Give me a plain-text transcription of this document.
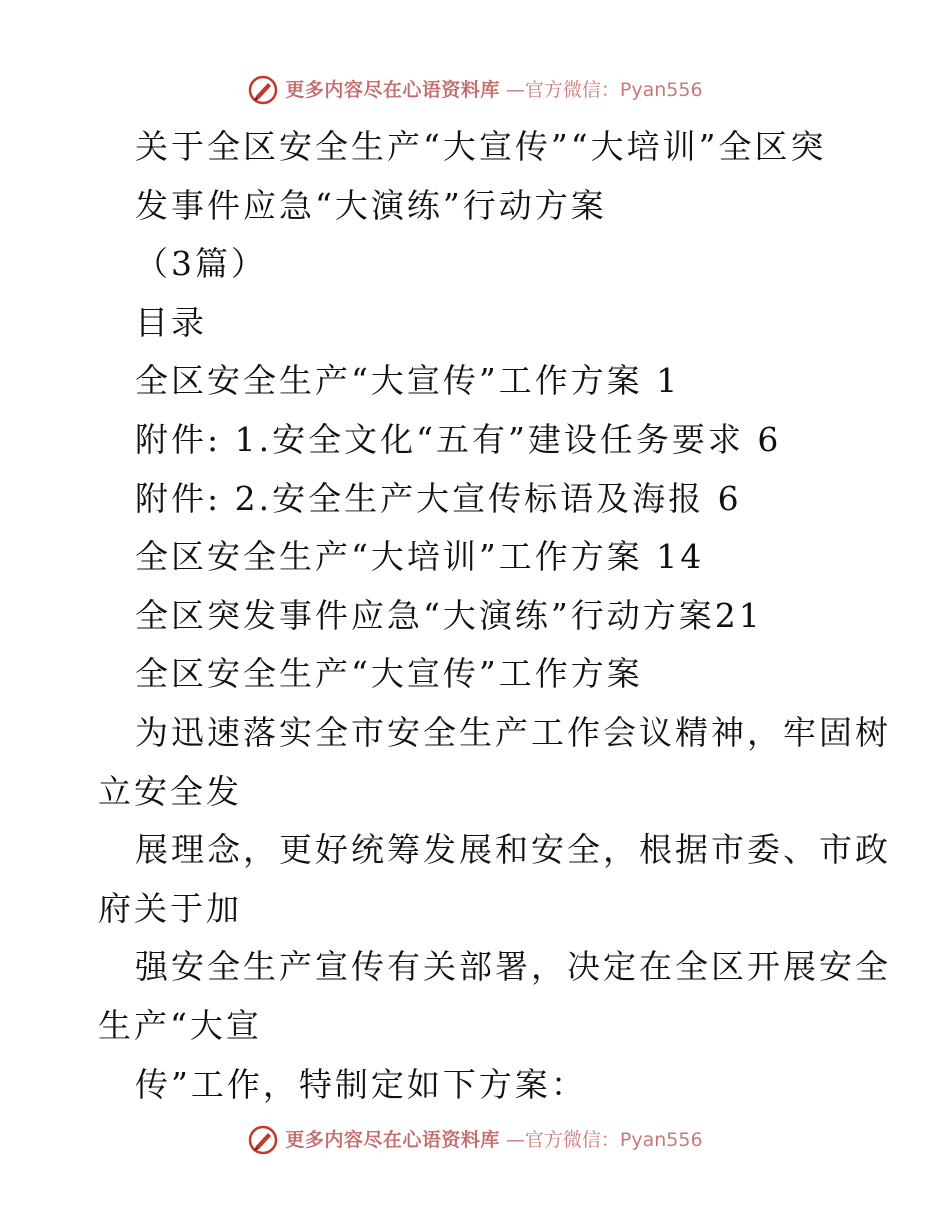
更多内容尽在心语资料库 —官方微信：Pyan556
关于全区安全生产“大宣传”“大培训”全区突
发事件应急“大演练”行动方案
（3篇）
目录
全区安全生产“大宣传”工作方案 1
附件: 1.安全文化“五有”建设任务要求 6
附件: 2.安全生产大宣传标语及海报 6
全区安全生产“大培训”工作方案 14
全区突发事件应急“大演练”行动方案21
全区安全生产“大宣传”工作方案
为迅速落实全市安全生产工作会议精神，牢固树
立安全发
展理念，更好统筹发展和安全，根据市委、市政
府关于加
强安全生产宣传有关部署，决定在全区开展安全
生产“大宣
传”工作，特制定如下方案：
更多内容尽在心语资料库 —官方微信：Pyan556
